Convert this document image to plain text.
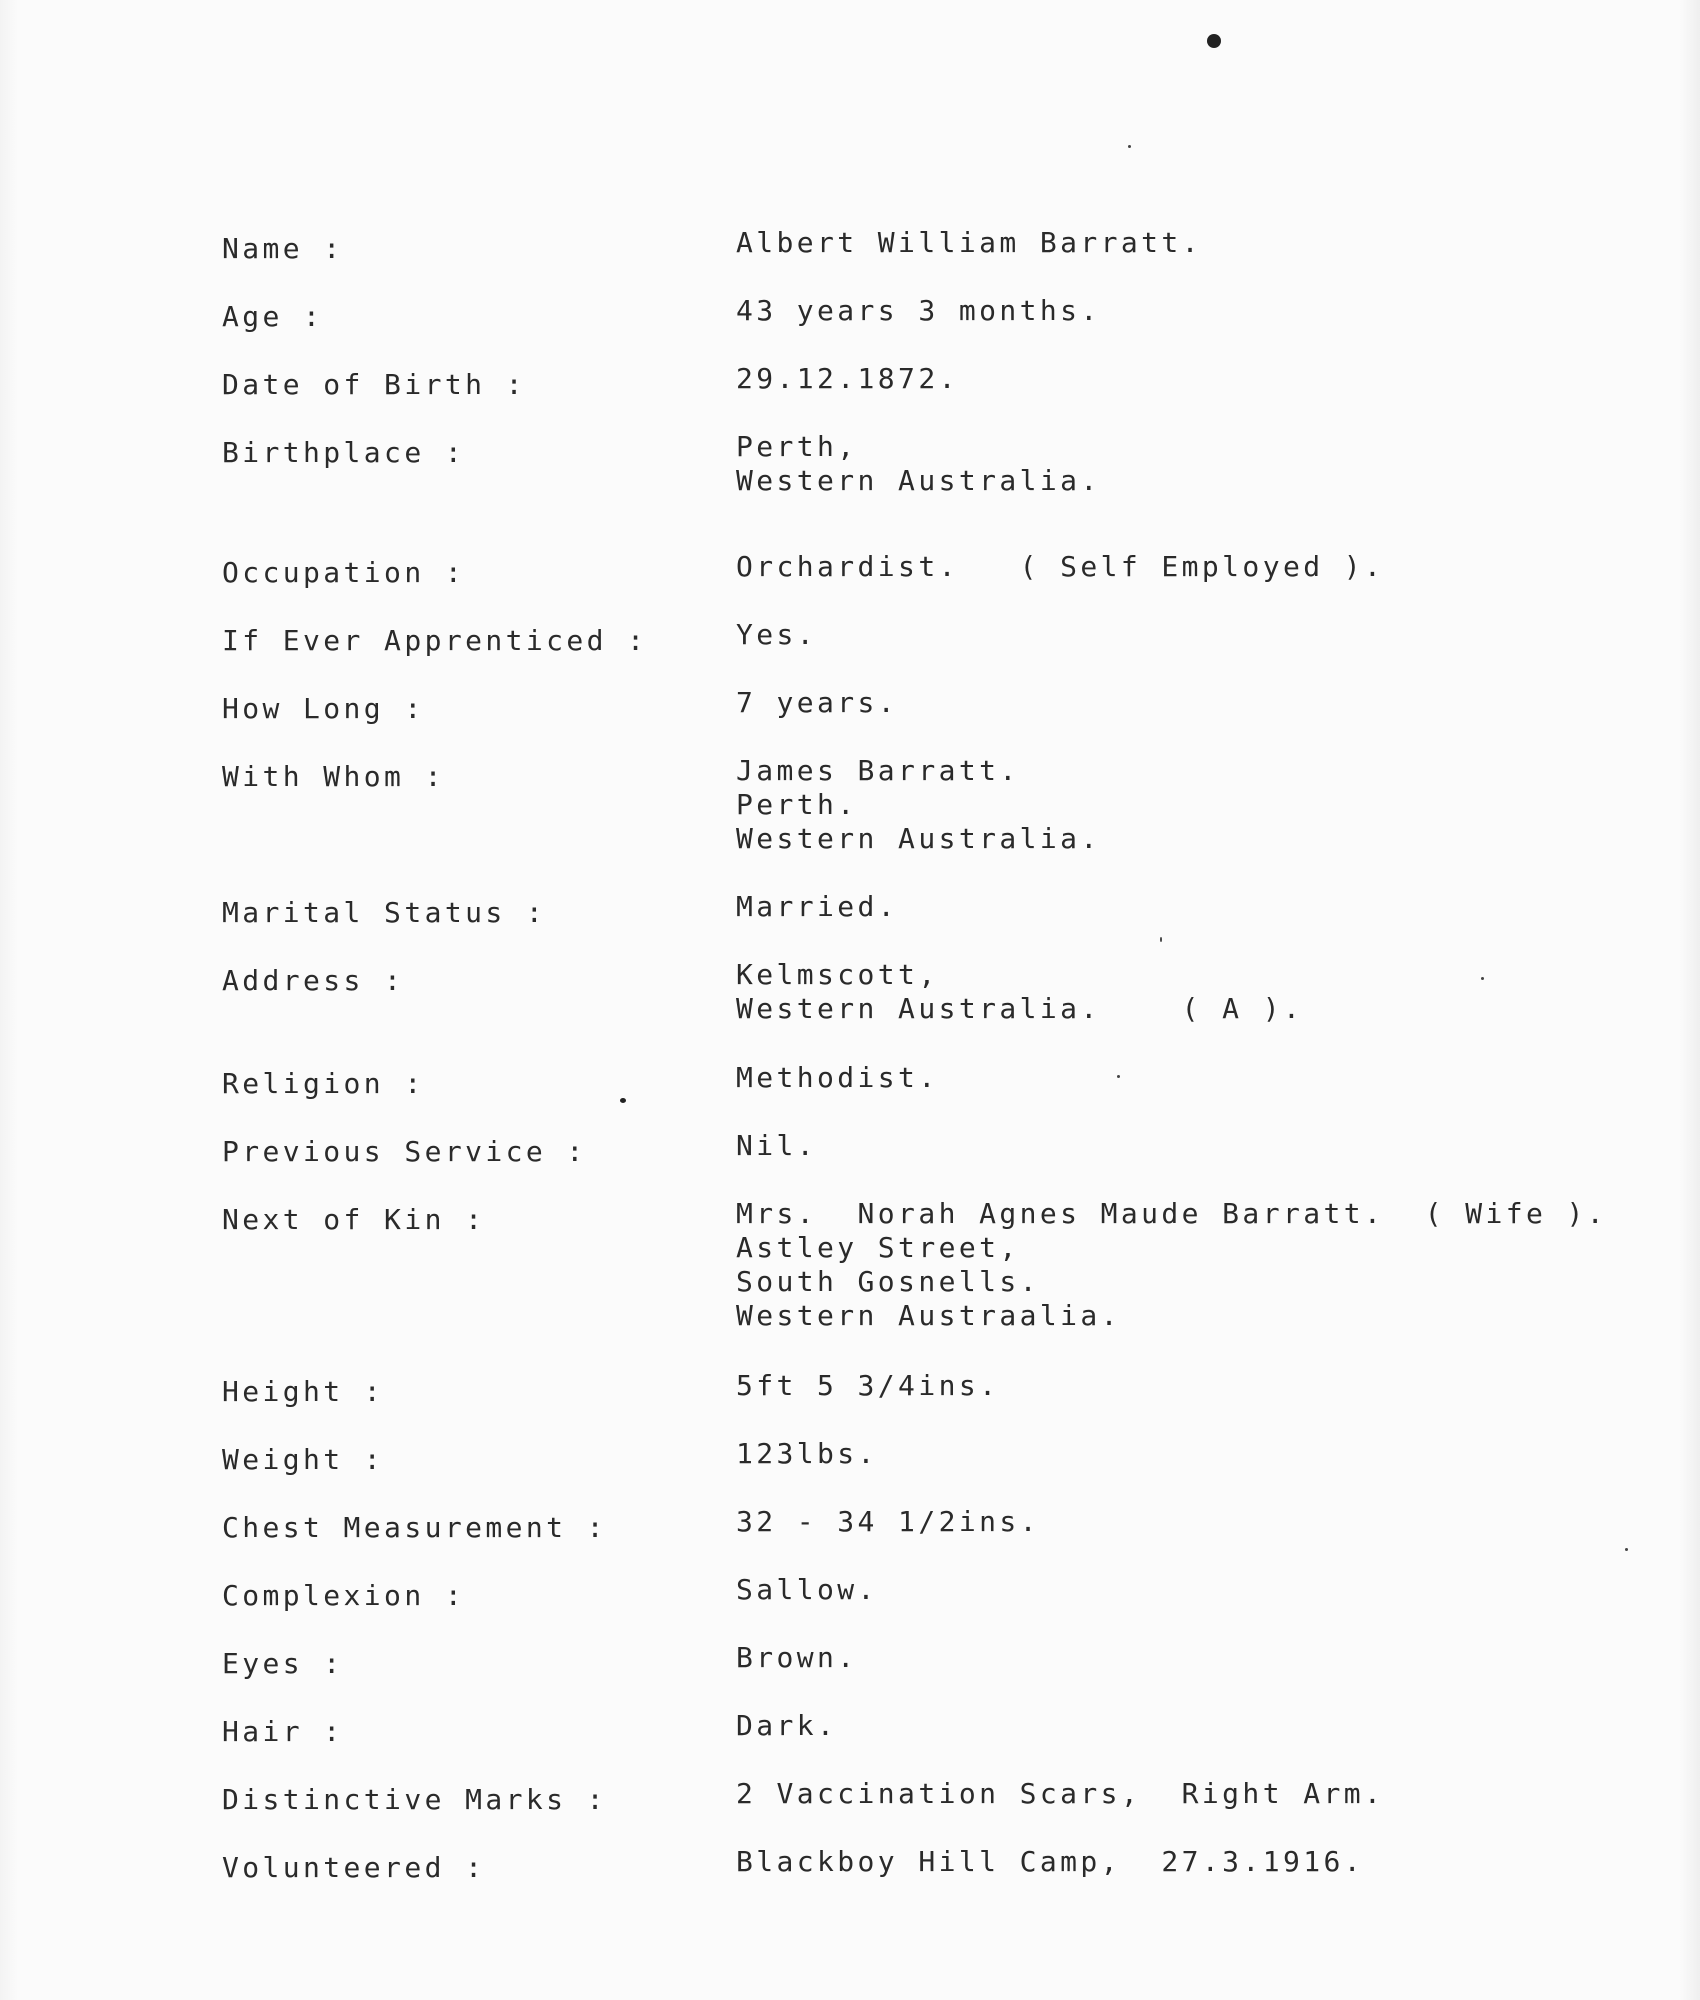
Name :	Albert William Barratt.
Age :	43 years 3 months.
Date of Birth :	29.12.1872.
Birthplace :	Perth,
Western Australia.
Occupation :	Orchardist.   ( Self Employed ).
If Ever Apprenticed :	Yes.
How Long :	7 years.
With Whom :	James Barratt.
Perth.
Western Australia.
Marital Status :	Married.
Address :	Kelmscott,
Western Australia.    ( A ).
Religion :	Methodist.
Previous Service :	Nil.
Next of Kin :	Mrs.  Norah Agnes Maude Barratt.  ( Wife ).
Astley Street,
South Gosnells.
Western Austraalia.
Height :	5ft 5 3/4ins.
Weight :	123lbs.
Chest Measurement :	32 - 34 1/2ins.
Complexion :	Sallow.
Eyes :	Brown.
Hair :	Dark.
Distinctive Marks :	2 Vaccination Scars,  Right Arm.
Volunteered :	Blackboy Hill Camp,  27.3.1916.
